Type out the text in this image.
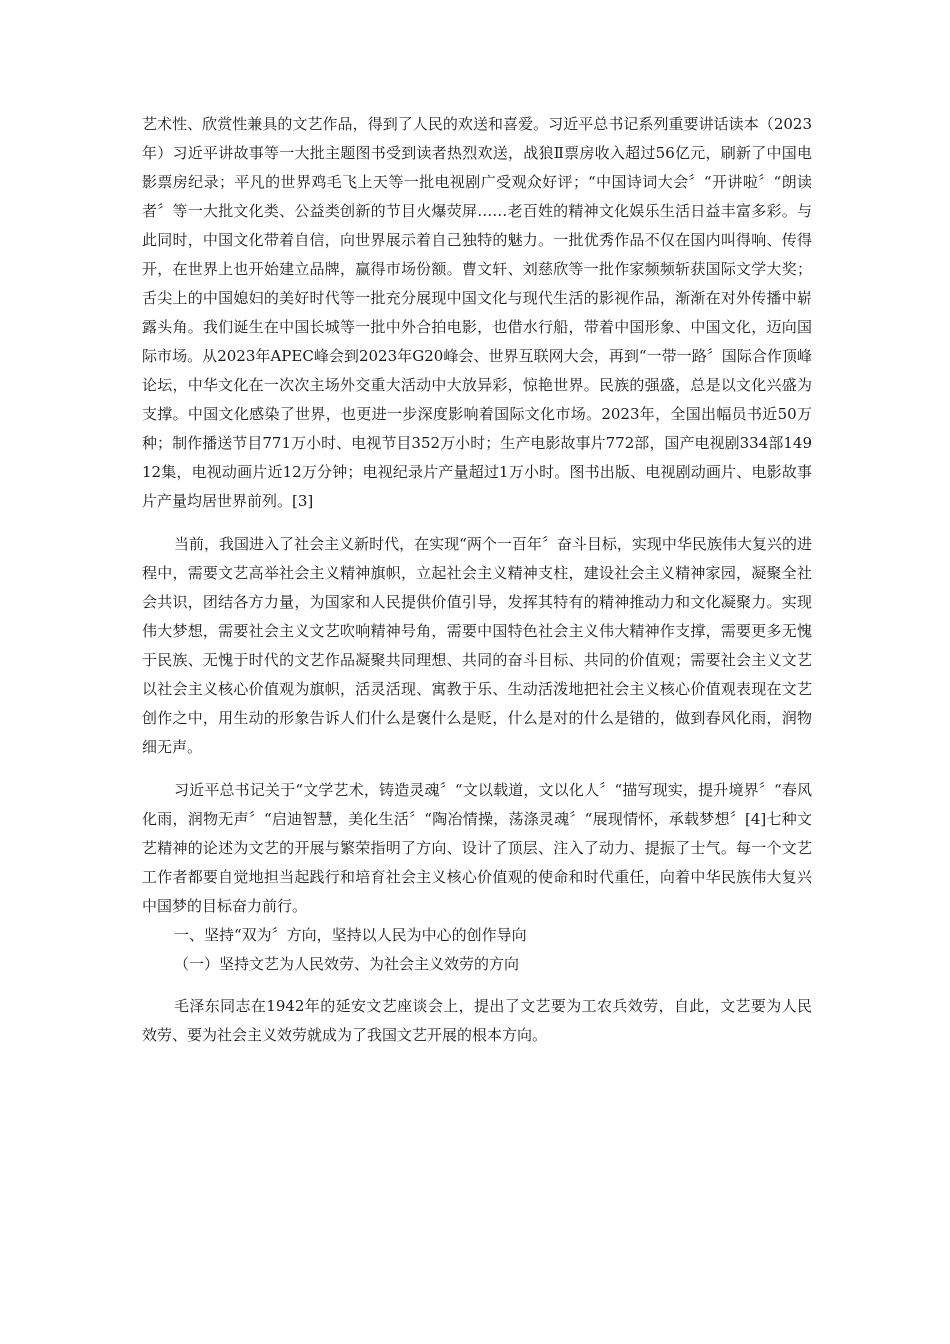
艺术性、欣赏性兼具的文艺作品，得到了人民的欢送和喜爱。习近平总书记系列重要讲话读本（2023年）习近平讲故事等一大批主题图书受到读者热烈欢送，战狼Ⅱ票房收入超过56亿元，刷新了中国电影票房纪录；平凡的世界鸡毛飞上天等一批电视剧广受观众好评；“中国诗词大会〞“开讲啦〞“朗读者〞等一大批文化类、公益类创新的节目火爆荧屏……老百姓的精神文化娱乐生活日益丰富多彩。与此同时，中国文化带着自信，向世界展示着自己独特的魅力。一批优秀作品不仅在国内叫得响、传得开，在世界上也开始建立品牌，赢得市场份额。曹文轩、刘慈欣等一批作家频频斩获国际文学大奖；舌尖上的中国媳妇的美好时代等一批充分展现中国文化与现代生活的影视作品，渐渐在对外传播中崭露头角。我们诞生在中国长城等一批中外合拍电影，也借水行船，带着中国形象、中国文化，迈向国际市场。从2023年APEC峰会到2023年G20峰会、世界互联网大会，再到“一带一路〞国际合作顶峰论坛，中华文化在一次次主场外交重大活动中大放异彩，惊艳世界。民族的强盛，总是以文化兴盛为支撑。中国文化感染了世界，也更进一步深度影响着国际文化市场。2023年，全国出幅员书近50万种；制作播送节目771万小时、电视节目352万小时；生产电影故事片772部，国产电视剧334部14912集，电视动画片近12万分钟；电视纪录片产量超过1万小时。图书出版、电视剧动画片、电影故事片产量均居世界前列。[3]

当前，我国进入了社会主义新时代，在实现“两个一百年〞奋斗目标，实现中华民族伟大复兴的进程中，需要文艺高举社会主义精神旗帜，立起社会主义精神支柱，建设社会主义精神家园，凝聚全社会共识，团结各方力量，为国家和人民提供价值引导，发挥其特有的精神推动力和文化凝聚力。实现伟大梦想，需要社会主义文艺吹响精神号角，需要中国特色社会主义伟大精神作支撑，需要更多无愧于民族、无愧于时代的文艺作品凝聚共同理想、共同的奋斗目标、共同的价值观；需要社会主义文艺以社会主义核心价值观为旗帜，活灵活现、寓教于乐、生动活泼地把社会主义核心价值观表现在文艺创作之中，用生动的形象告诉人们什么是褒什么是贬，什么是对的什么是错的，做到春风化雨，润物细无声。

习近平总书记关于“文学艺术，铸造灵魂〞“文以载道，文以化人〞“描写现实，提升境界〞“春风化雨，润物无声〞“启迪智慧，美化生活〞“陶冶情操，荡涤灵魂〞“展现情怀，承载梦想〞[4]七种文艺精神的论述为文艺的开展与繁荣指明了方向、设计了顶层、注入了动力、提振了士气。每一个文艺工作者都要自觉地担当起践行和培育社会主义核心价值观的使命和时代重任，向着中华民族伟大复兴中国梦的目标奋力前行。

一、坚持“双为〞方向，坚持以人民为中心的创作导向

（一）坚持文艺为人民效劳、为社会主义效劳的方向

毛泽东同志在1942年的延安文艺座谈会上，提出了文艺要为工农兵效劳，自此，文艺要为人民效劳、要为社会主义效劳就成为了我国文艺开展的根本方向。
